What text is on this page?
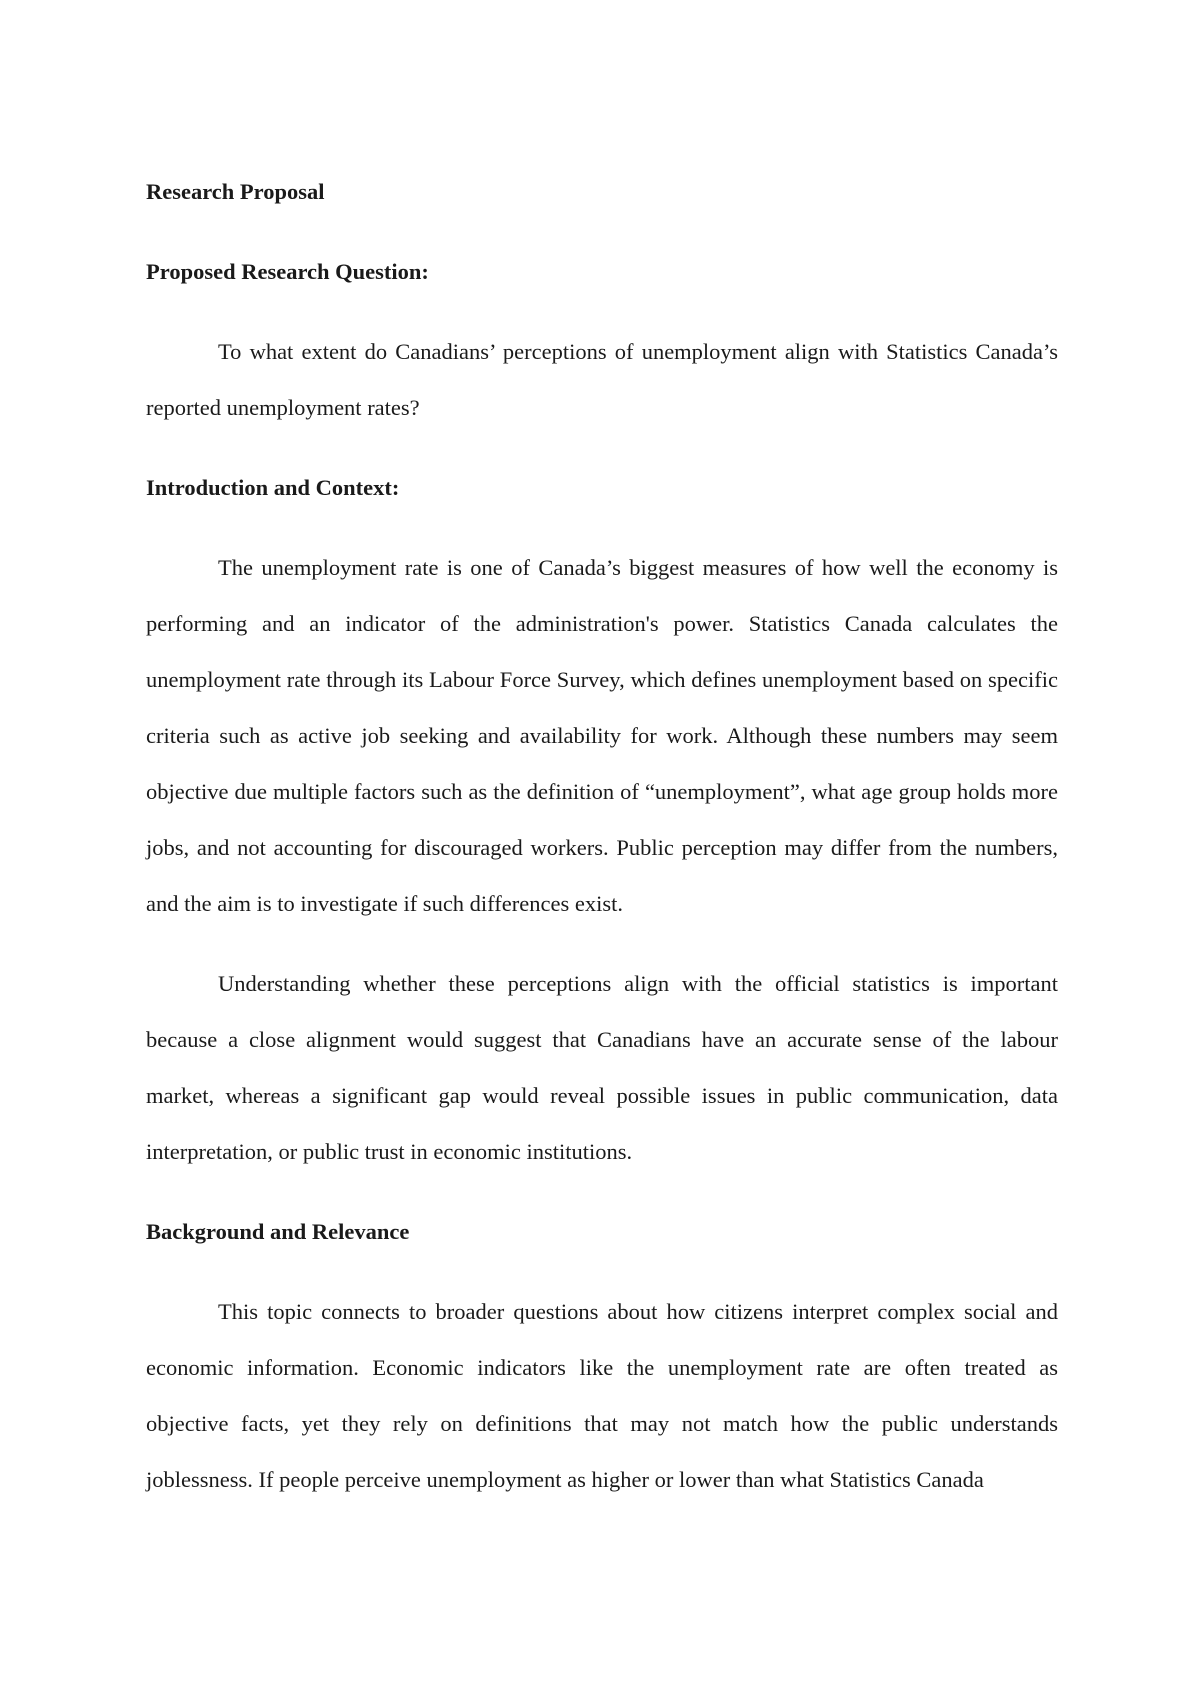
Research Proposal
Proposed Research Question:

To what extent do Canadians’ perceptions of unemployment align with Statistics Canada’s reported unemployment rates?

Introduction and Context:

The unemployment rate is one of Canada’s biggest measures of how well the economy is performing and an indicator of the administration's power. Statistics Canada calculates the unemployment rate through its Labour Force Survey, which defines unemployment based on specific criteria such as active job seeking and availability for work. Although these numbers may seem objective due multiple factors such as the definition of “unemployment”, what age group holds more jobs, and not accounting for discouraged workers. Public perception may differ from the numbers, and the aim is to investigate if such differences exist.

Understanding whether these perceptions align with the official statistics is important because a close alignment would suggest that Canadians have an accurate sense of the labour market, whereas a significant gap would reveal possible issues in public communication, data interpretation, or public trust in economic institutions.

Background and Relevance

This topic connects to broader questions about how citizens interpret complex social and economic information. Economic indicators like the unemployment rate are often treated as objective facts, yet they rely on definitions that may not match how the public understands joblessness. If people perceive unemployment as higher or lower than what Statistics Canada
